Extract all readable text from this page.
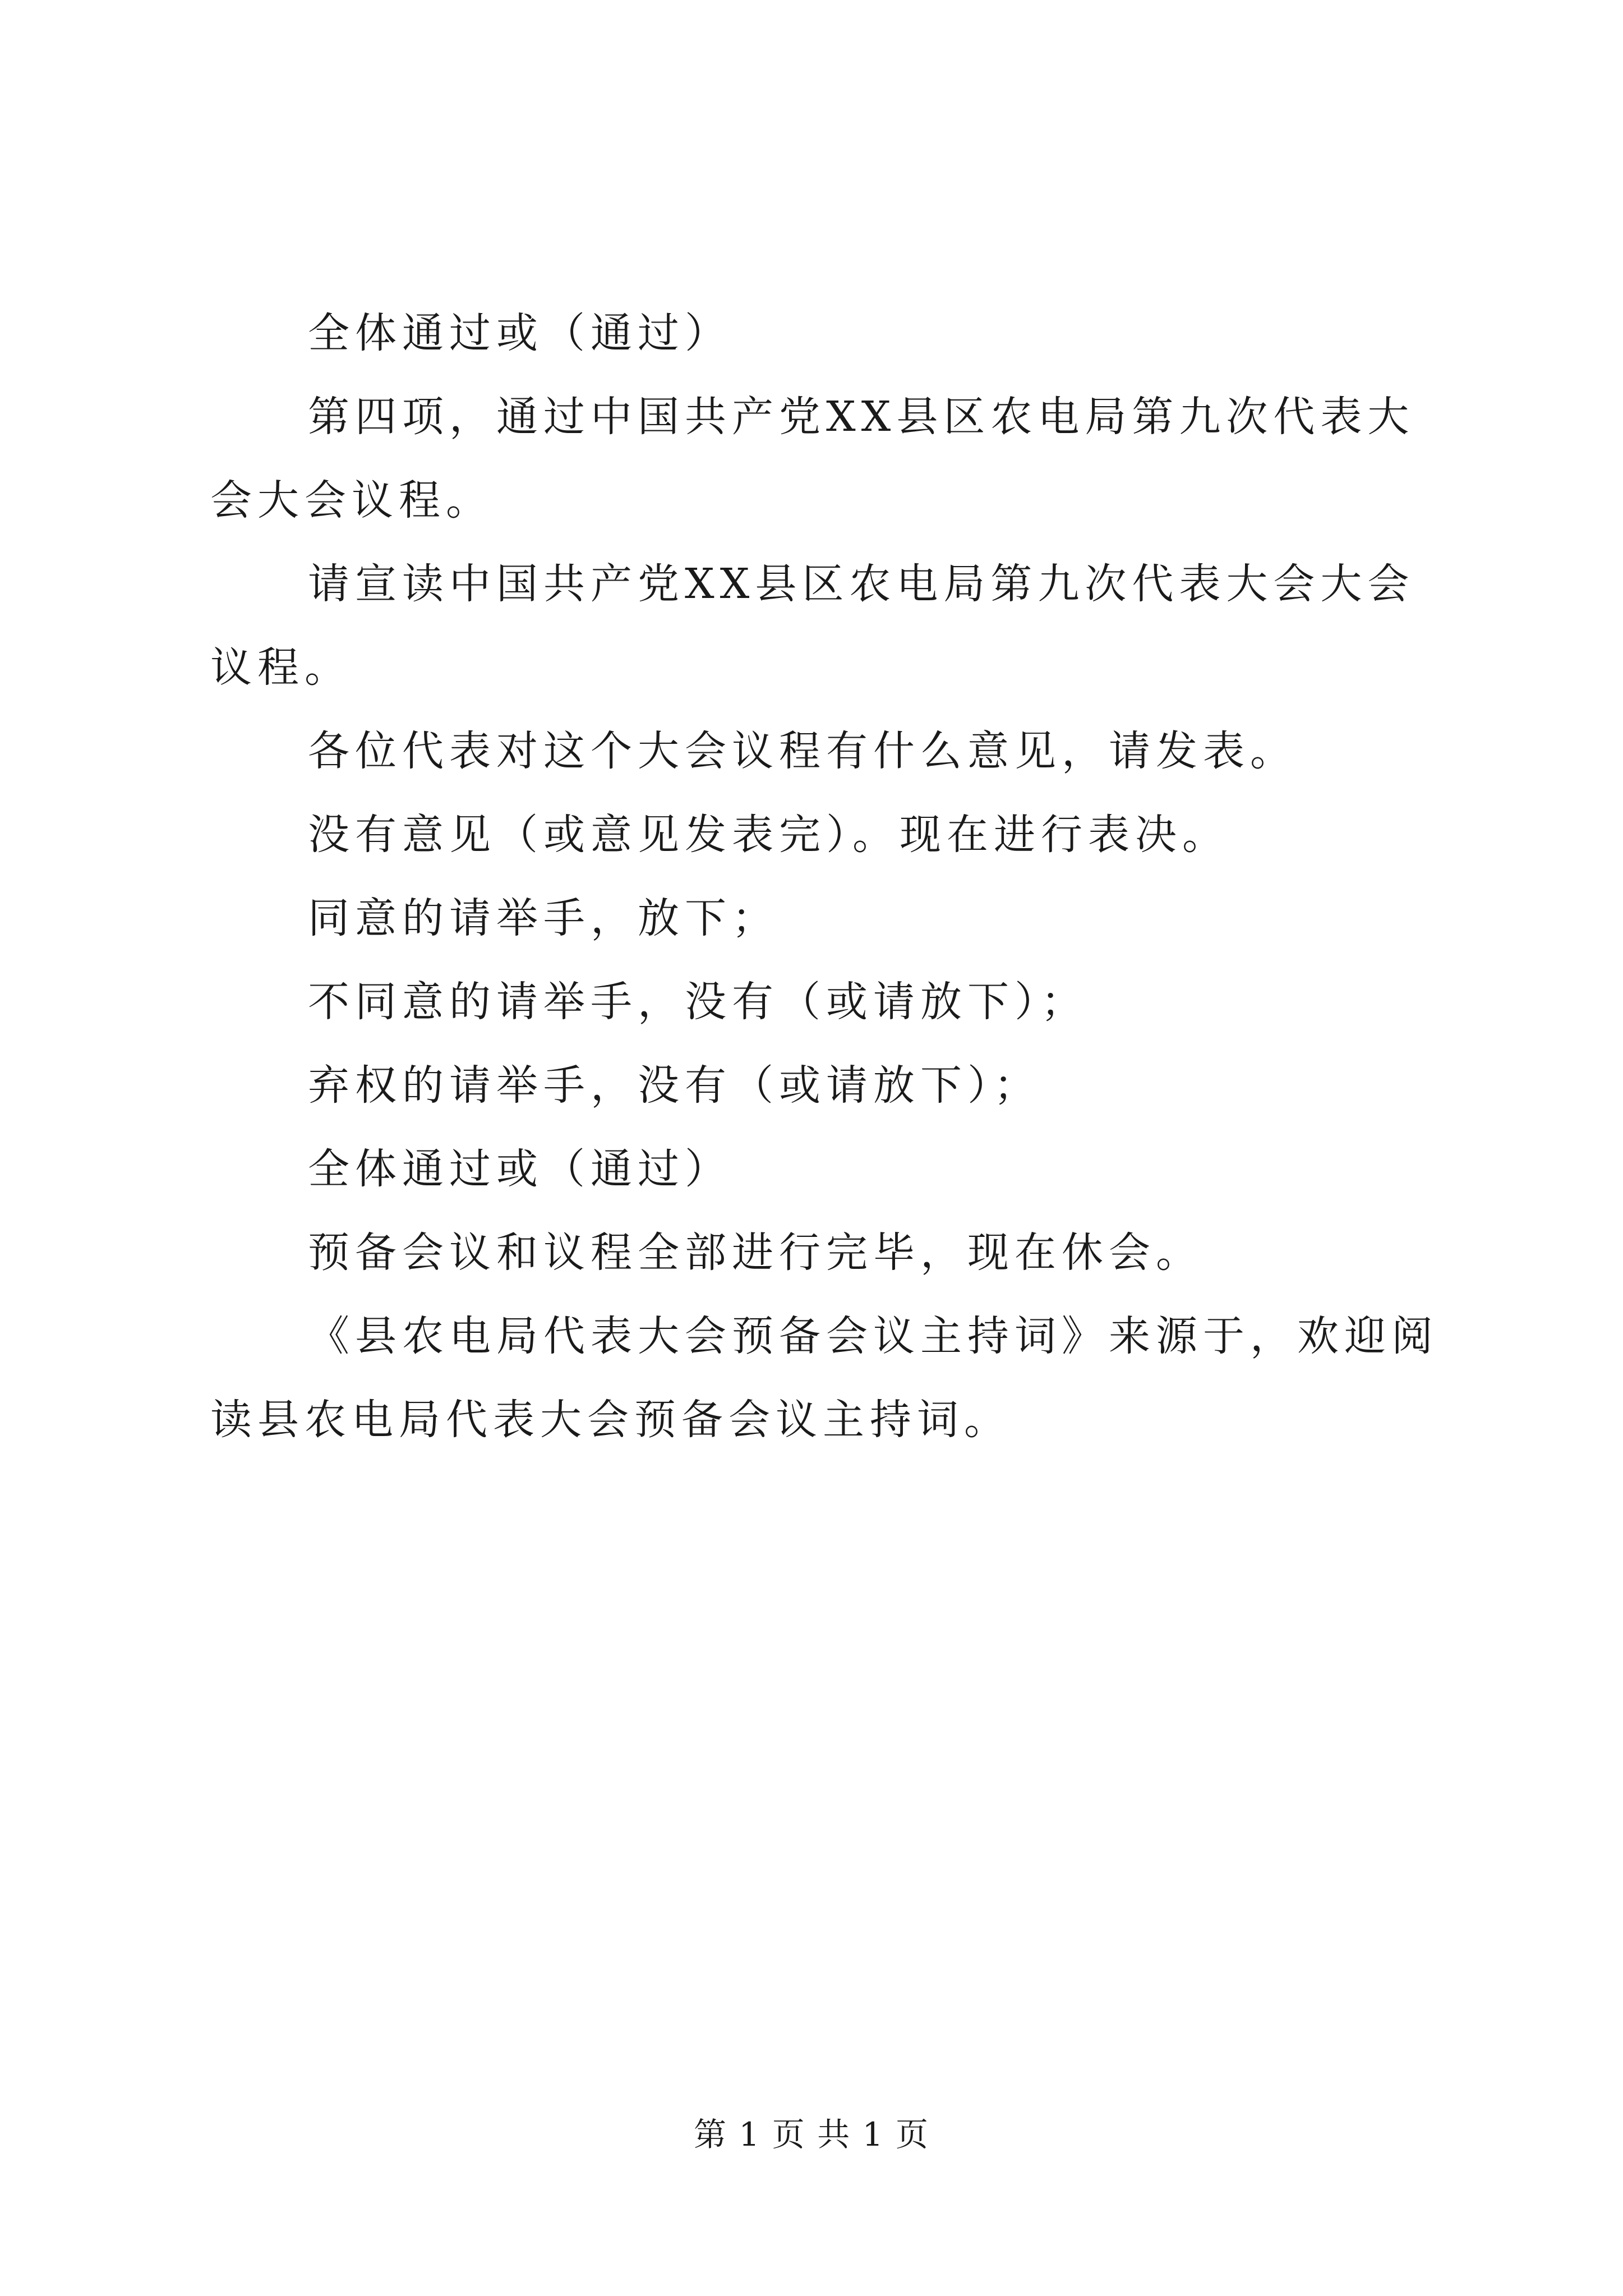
全体通过或（通过）

第四项，通过中国共产党XX县区农电局第九次代表大会大会议程。

请宣读中国共产党XX县区农电局第九次代表大会大会议程。

各位代表对这个大会议程有什么意见，请发表。

没有意见（或意见发表完）。现在进行表决。

同意的请举手，放下；

不同意的请举手，没有（或请放下）；

弃权的请举手，没有（或请放下）；

全体通过或（通过）

预备会议和议程全部进行完毕，现在休会。

《县农电局代表大会预备会议主持词》来源于，欢迎阅读县农电局代表大会预备会议主持词。

第 1 页 共 1 页
